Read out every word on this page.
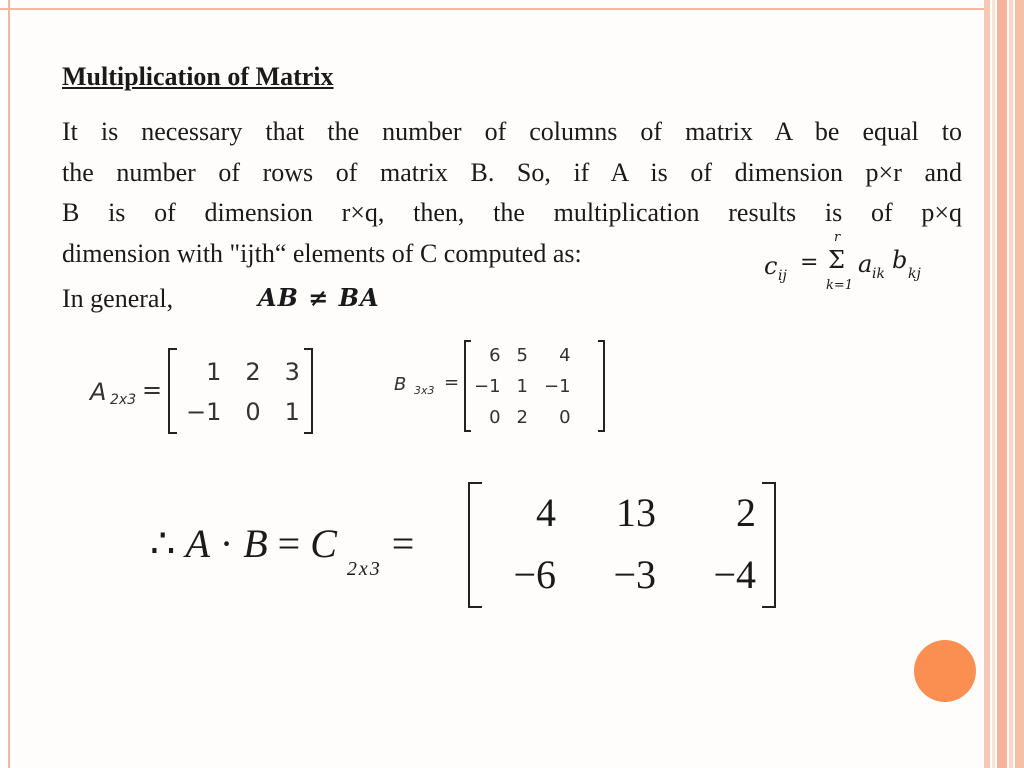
Multiplication of Matrix
It is necessary that the number of columns of matrix A be equal to
the number of rows of matrix B. So, if A is of dimension p×r and
B is of dimension r×q, then, the multiplication results is of p×q
dimension with "ijth“ elements of C computed as:	c ij
=
r
Σ
k=1
a ik b kj
In general,	AB ≠ BA
A 2x3 =
1	2	3
−1	0	1
B 3x3 =
6	5	4
−1	1	−1
0	2	0
∴ A · B = C $_{2x3}$ =
4	13	2
−6	−3	−4
